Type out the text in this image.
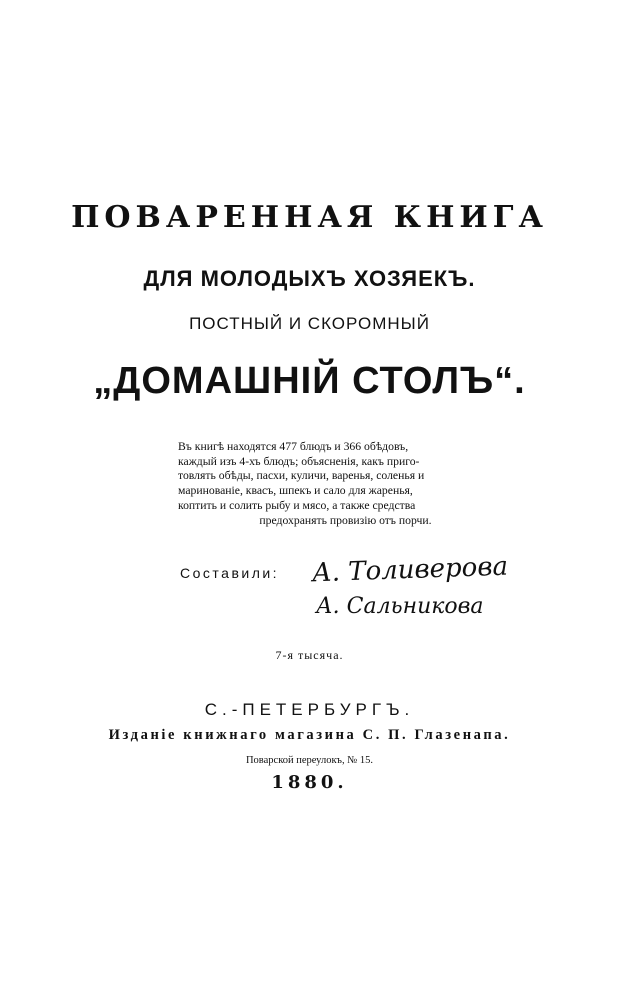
ПОВАРЕННАЯ КНИГА
ДЛЯ МОЛОДЫХЪ ХОЗЯЕКЪ.
ПОСТНЫЙ И СКОРОМНЫЙ
„ДОМАШНІЙ СТОЛЪ“.
Въ книгѣ находятся 477 блюдъ и 366 обѣдовъ,
каждый изъ 4-хъ блюдъ; объясненія, какъ приго-
товлять обѣды, пасхи, куличи, варенья, соленья и
маринованіе, квасъ, шпекъ и сало для жаренья,
коптить и солить рыбу и мясо, а также средства
предохранять провизію отъ порчи.
Составили: А. Толиверова
А. Сальникова
7-я тысяча.
С.-ПЕТЕРБУРГЪ.
Изданіе книжнаго магазина С. П. Глазенапа.
Поварской переулокъ, № 15.
1880.
